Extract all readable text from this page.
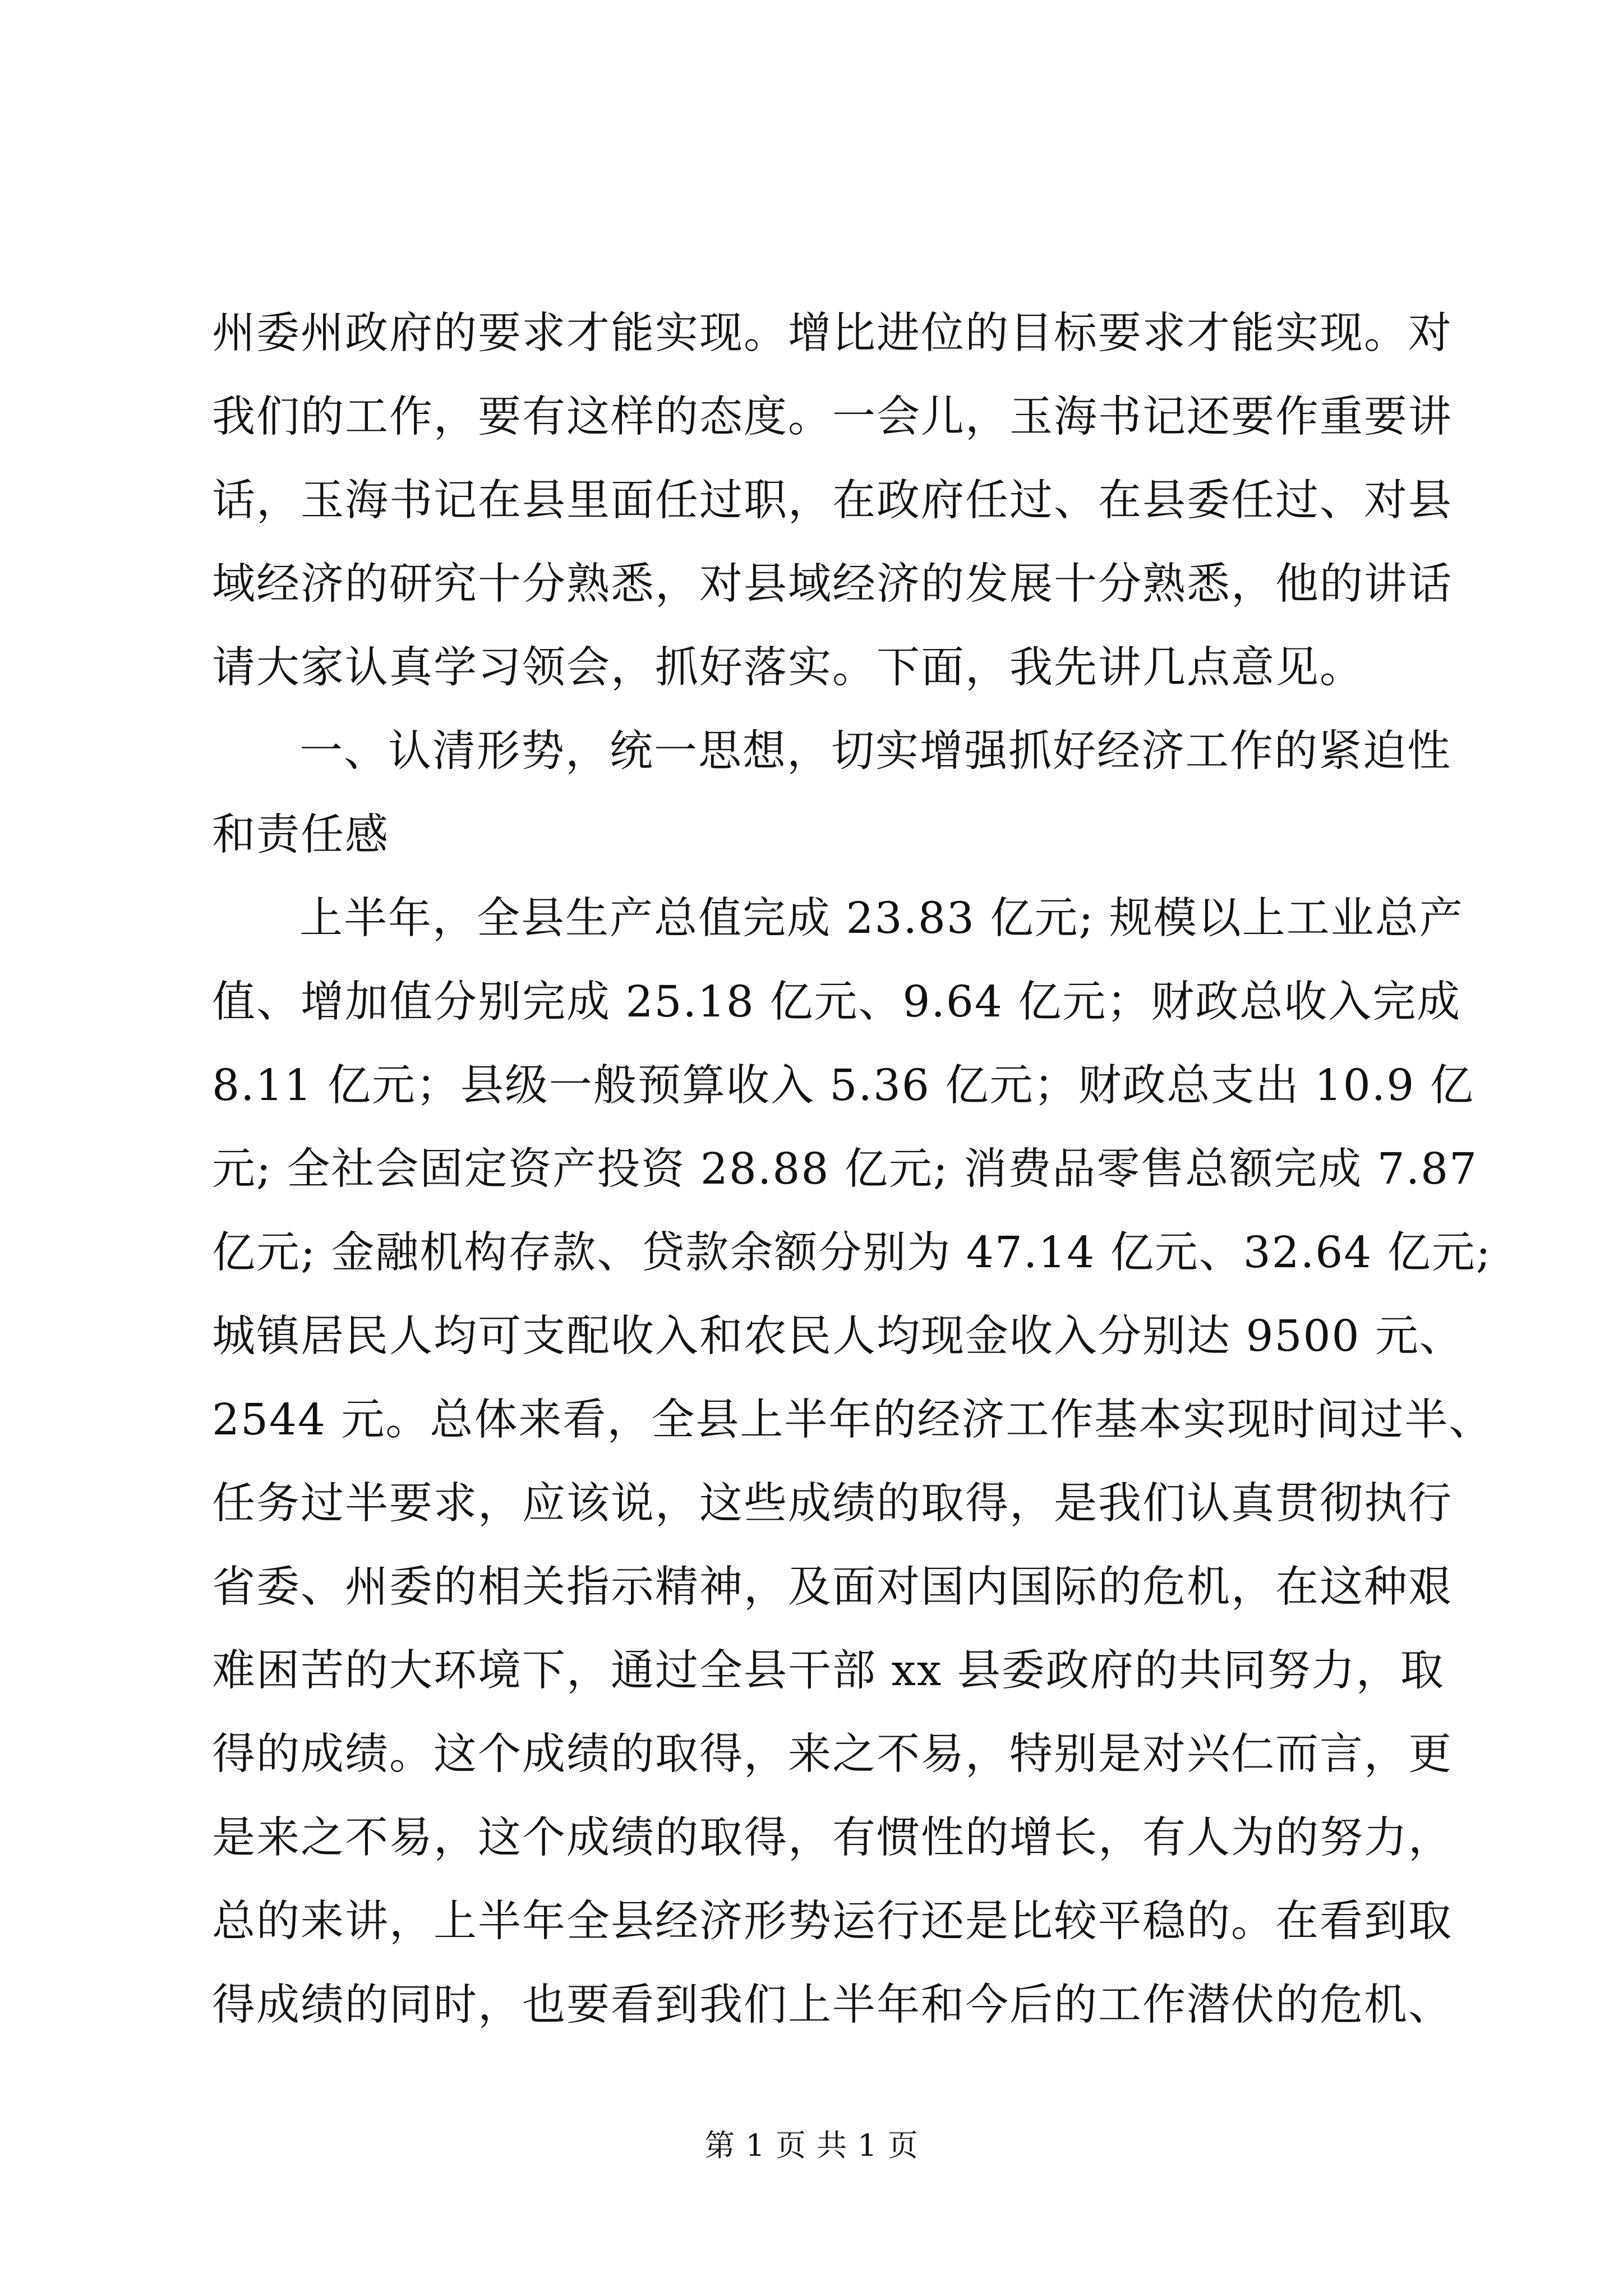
州委州政府的要求才能实现。增比进位的目标要求才能实现。对
我们的工作，要有这样的态度。一会儿，玉海书记还要作重要讲
话，玉海书记在县里面任过职，在政府任过、在县委任过、对县
域经济的研究十分熟悉，对县域经济的发展十分熟悉，他的讲话
请大家认真学习领会，抓好落实。下面，我先讲几点意见。
一、认清形势，统一思想，切实增强抓好经济工作的紧迫性
和责任感
上半年，全县生产总值完成 23.83 亿元; 规模以上工业总产
值、增加值分别完成 25.18 亿元、9.64 亿元；财政总收入完成
8.11 亿元；县级一般预算收入 5.36 亿元；财政总支出 10.9 亿
元; 全社会固定资产投资 28.88 亿元; 消费品零售总额完成 7.87
亿元; 金融机构存款、贷款余额分别为 47.14 亿元、32.64 亿元;
城镇居民人均可支配收入和农民人均现金收入分别达 9500 元、
2544 元。总体来看，全县上半年的经济工作基本实现时间过半、
任务过半要求，应该说，这些成绩的取得，是我们认真贯彻执行
省委、州委的相关指示精神，及面对国内国际的危机，在这种艰
难困苦的大环境下，通过全县干部 xx 县委政府的共同努力，取
得的成绩。这个成绩的取得，来之不易，特别是对兴仁而言，更
是来之不易，这个成绩的取得，有惯性的增长，有人为的努力，
总的来讲，上半年全县经济形势运行还是比较平稳的。在看到取
得成绩的同时，也要看到我们上半年和今后的工作潜伏的危机、
第 1 页 共 1 页
